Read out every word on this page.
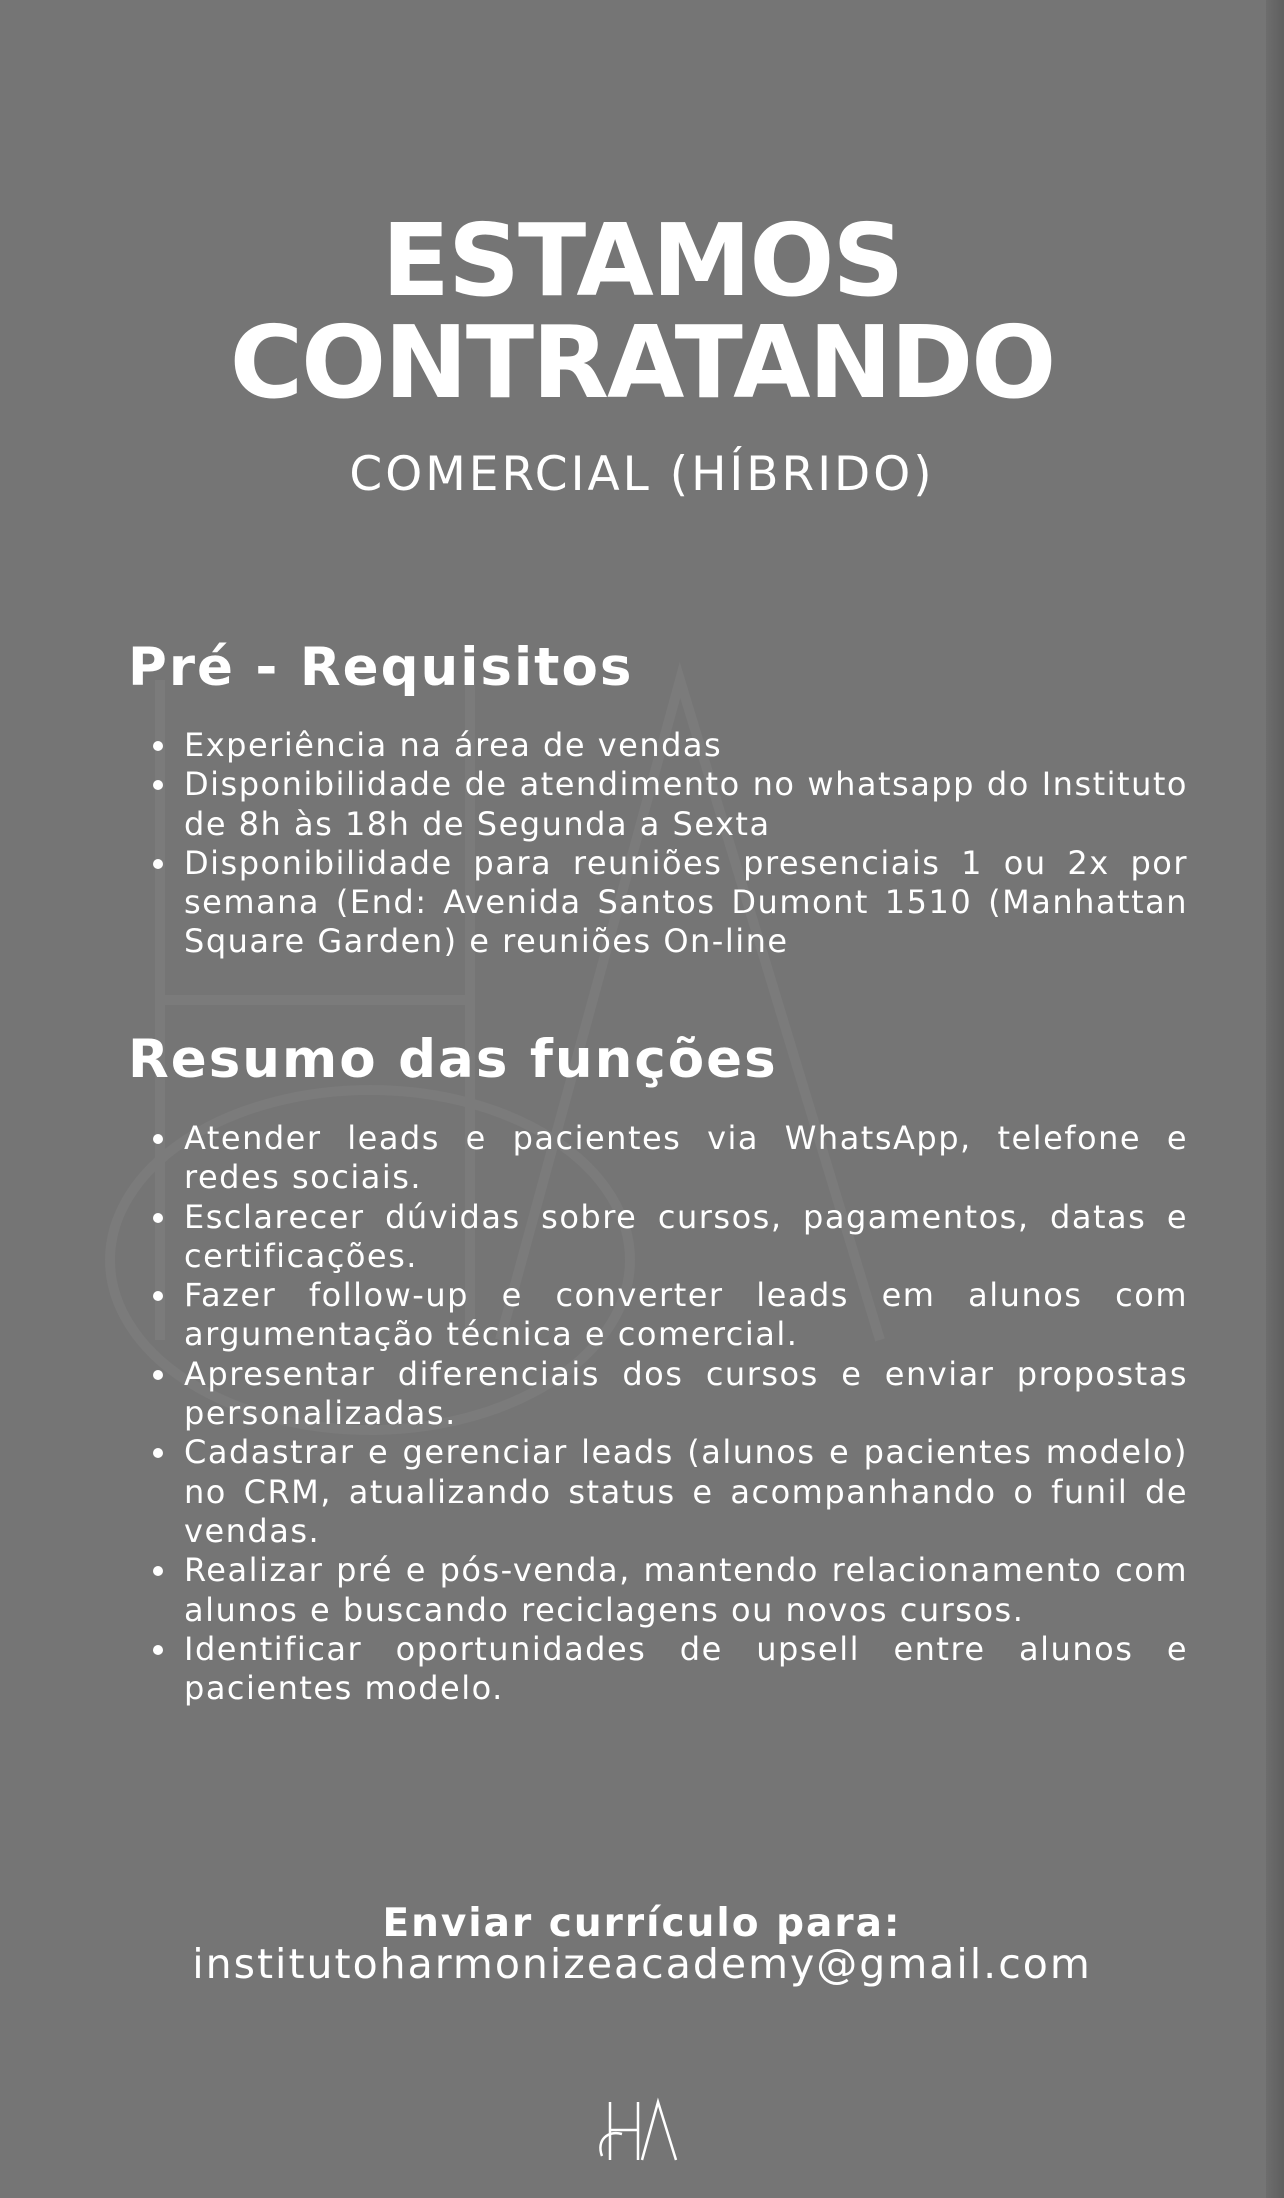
ESTAMOS
CONTRATANDO
COMERCIAL (HÍBRIDO)
Pré - Requisitos
Experiência na área de vendas
Disponibilidade de atendimento no whatsapp do Instituto de 8h às 18h de Segunda a Sexta
Disponibilidade para reuniões presenciais 1 ou 2x por semana (End: Avenida Santos Dumont 1510 (Manhattan Square Garden) e reuniões On-line
Resumo das funções
Atender leads e pacientes via WhatsApp, telefone e redes sociais.
Esclarecer dúvidas sobre cursos, pagamentos, datas e certificações.
Fazer follow-up e converter leads em alunos com argumentação técnica e comercial.
Apresentar diferenciais dos cursos e enviar propostas personalizadas.
Cadastrar e gerenciar leads (alunos e pacientes modelo) no CRM, atualizando status e acompanhando o funil de vendas.
Realizar pré e pós-venda, mantendo relacionamento com alunos e buscando reciclagens ou novos cursos.
Identificar oportunidades de upsell entre alunos e pacientes modelo.
Enviar currículo para:
institutoharmonizeacademy@gmail.com
